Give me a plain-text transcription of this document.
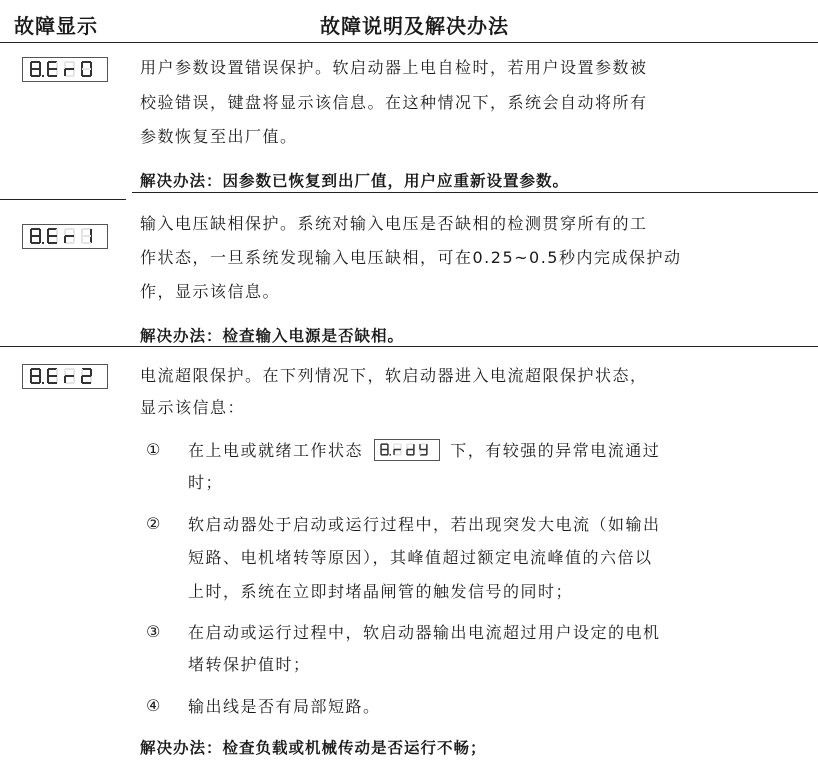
故障显示	故障说明及解决办法
用户参数设置错误保护。软启动器上电自检时，若用户设置参数被
校验错误，键盘将显示该信息。在这种情况下，系统会自动将所有
参数恢复至出厂值。
解决办法：因参数已恢复到出厂值，用户应重新设置参数。
输入电压缺相保护。系统对输入电压是否缺相的检测贯穿所有的工
作状态，一旦系统发现输入电压缺相，可在0.25~0.5秒内完成保护动
作，显示该信息。
解决办法：检查输入电源是否缺相。
电流超限保护。在下列情况下，软启动器进入电流超限保护状态，
显示该信息：
① 在上电或就绪工作状态	下，有较强的异常电流通过
时；
② 软启动器处于启动或运行过程中，若出现突发大电流（如输出
短路、电机堵转等原因），其峰值超过额定电流峰值的六倍以
上时，系统在立即封堵晶闸管的触发信号的同时；
③ 在启动或运行过程中，软启动器输出电流超过用户设定的电机
堵转保护值时；
④ 输出线是否有局部短路。
解决办法：检查负载或机械传动是否运行不畅；
